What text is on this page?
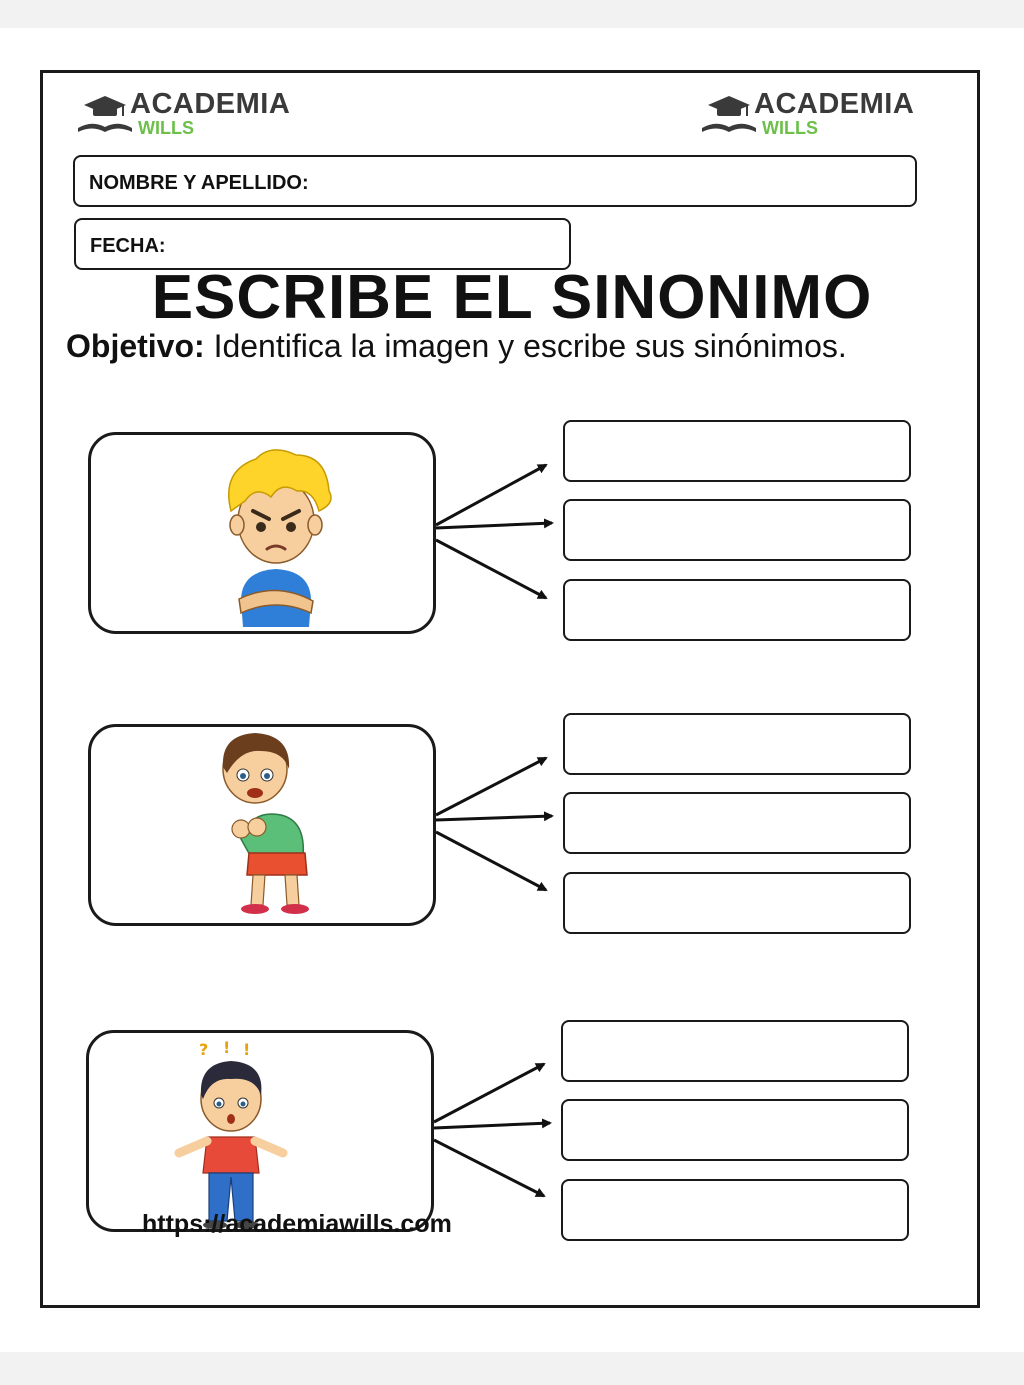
ACADEMIA
WILLS
ACADEMIA
WILLS
NOMBRE Y APELLIDO:
FECHA:
ESCRIBE EL SINONIMO
Objetivo: Identifica la imagen y escribe sus sinónimos.
? ! !
https://academiawills.com
